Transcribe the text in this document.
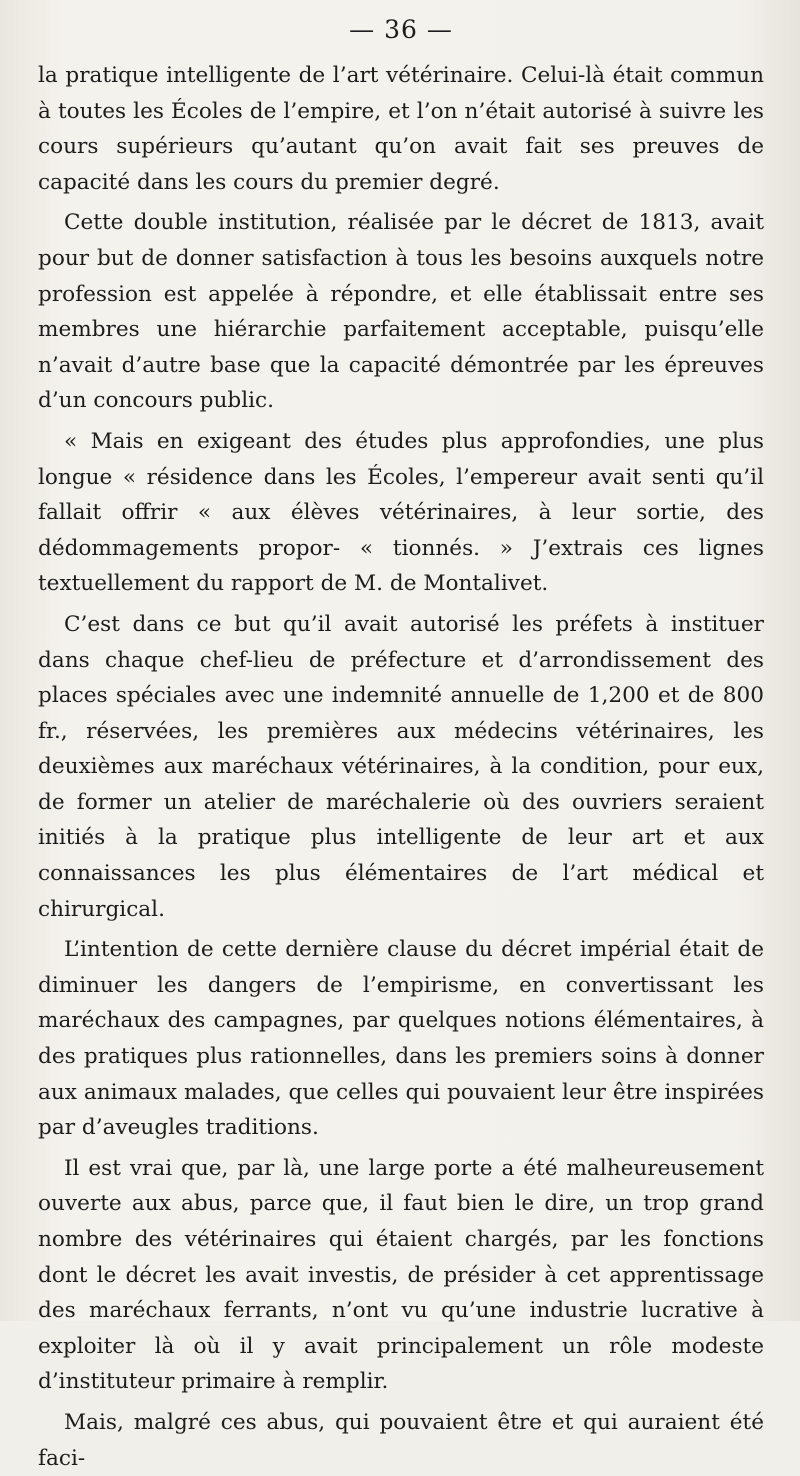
— 36 —

la pratique intelligente de l’art vétérinaire. Celui-là était commun à toutes les Écoles de l’empire, et l’on n’était autorisé à suivre les cours supérieurs qu’autant qu’on avait fait ses preuves de capacité dans les cours du premier degré.

Cette double institution, réalisée par le décret de 1813, avait pour but de donner satisfaction à tous les besoins auxquels notre profession est appelée à répondre, et elle établissait entre ses membres une hiérarchie parfaitement acceptable, puisqu’elle n’avait d’autre base que la capacité démontrée par les épreuves d’un concours public.

« Mais en exigeant des études plus approfondies, une plus longue « résidence dans les Écoles, l’empereur avait senti qu’il fallait offrir « aux élèves vétérinaires, à leur sortie, des dédommagements propor- « tionnés. » J’extrais ces lignes textuellement du rapport de M. de Montalivet.

C’est dans ce but qu’il avait autorisé les préfets à instituer dans chaque chef-lieu de préfecture et d’arrondissement des places spéciales avec une indemnité annuelle de 1,200 et de 800 fr., réservées, les premières aux médecins vétérinaires, les deuxièmes aux maréchaux vétérinaires, à la condition, pour eux, de former un atelier de maréchalerie où des ouvriers seraient initiés à la pratique plus intelligente de leur art et aux connaissances les plus élémentaires de l’art médical et chirurgical.

L’intention de cette dernière clause du décret impérial était de diminuer les dangers de l’empirisme, en convertissant les maréchaux des campagnes, par quelques notions élémentaires, à des pratiques plus rationnelles, dans les premiers soins à donner aux animaux malades, que celles qui pouvaient leur être inspirées par d’aveugles traditions.

Il est vrai que, par là, une large porte a été malheureusement ouverte aux abus, parce que, il faut bien le dire, un trop grand nombre des vétérinaires qui étaient chargés, par les fonctions dont le décret les avait investis, de présider à cet apprentissage des maréchaux ferrants, n’ont vu qu’une industrie lucrative à exploiter là où il y avait principalement un rôle modeste d’instituteur primaire à remplir.

Mais, malgré ces abus, qui pouvaient être et qui auraient été faci-
